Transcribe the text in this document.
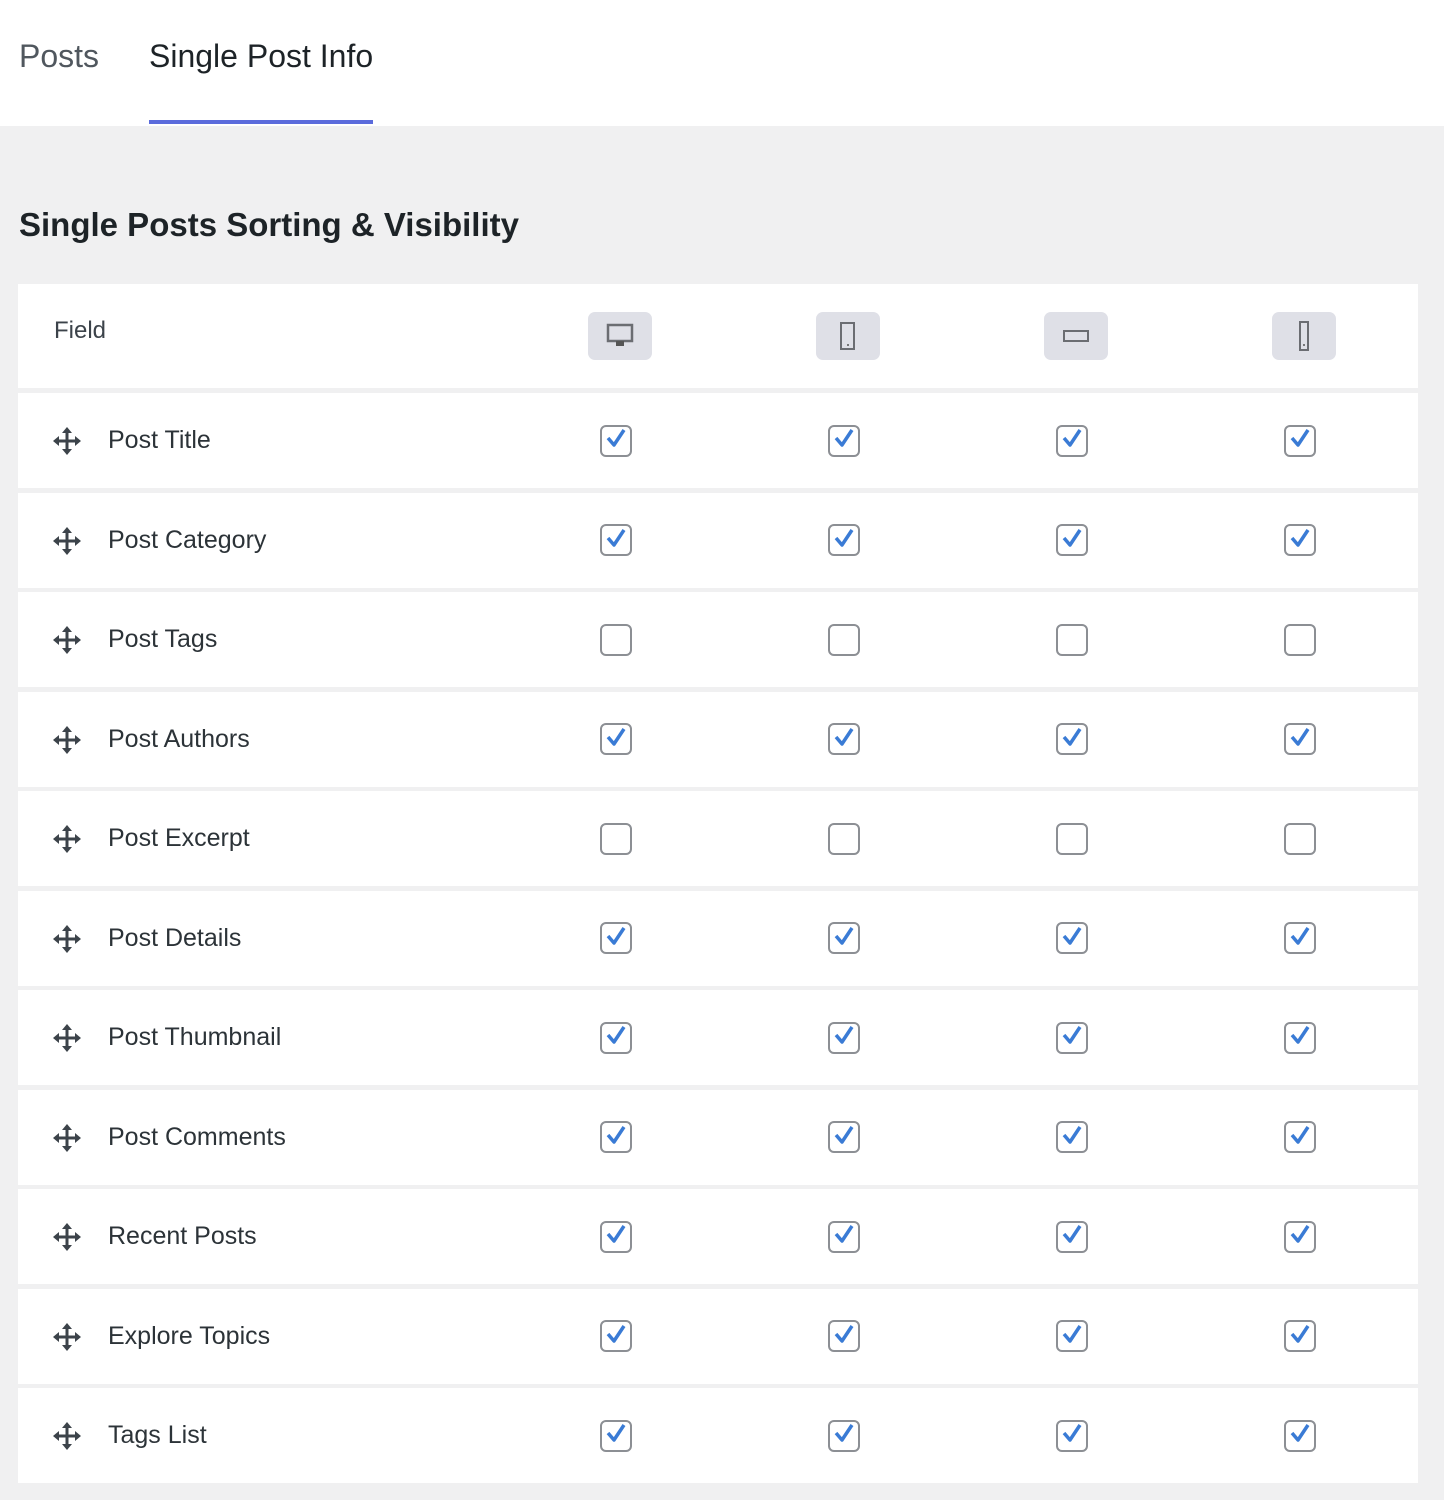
Posts Single Post Info
Single Posts Sorting & Visibility
Field
Post Title
Post Category
Post Tags
Post Authors
Post Excerpt
Post Details
Post Thumbnail
Post Comments
Recent Posts
Explore Topics
Tags List
